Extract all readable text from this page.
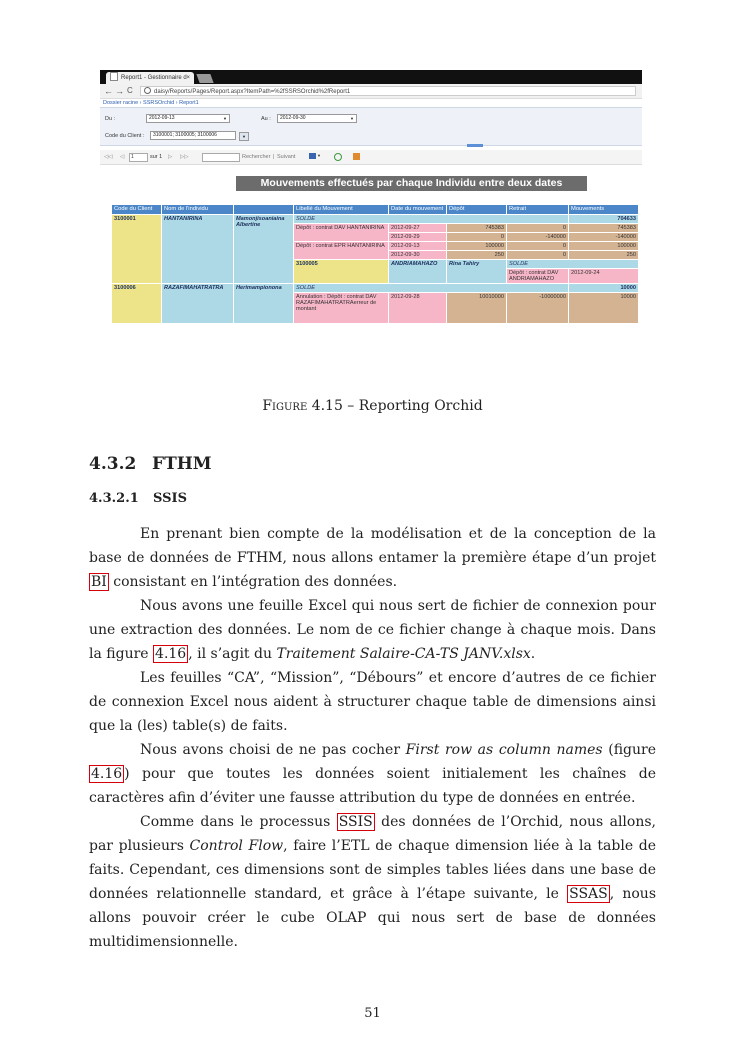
Report1 - Gestionnaire d ×
← → C	daisy/Reports/Pages/Report.aspx?ItemPath=%2fSSRSOrchid%2fReport1
Dossier racine › SSRSOrchid › Report1
Du :	2012-09-13	▼	Au :	2012-09-30	▼
Code du Client :	3100001; 3100005; 3100006	▼
◁◁ ◁	1	sur 1 ▷ ▷▷	Rechercher | Suivant	▼
Mouvements effectués par chaque Individu entre deux dates
Code du Client	Nom de l'individu		Libellé du Mouvement	Date du mouvement	Dépôt	Retrait	Mouvements	
3100001	HANTANIRINA	Mamonjisoaniaina Albertine	SOLDE				704633	
			Dépôt : contrat DAV HANTANIRINA	2012-09-27	745383	0	745383	
				2012-09-29	0	-140000	-140000	
			Dépôt : contrat EPR HANTANIRINA	2012-09-13	100000	0	100000	
				2012-09-30	250	0	250	
			3100005	ANDRIAMAHAZO	Rina Tahiry	SOLDE	
						Dépôt : contrat DAV ANDRIAMAHAZO	2012-09-24			
3100006	RAZAFIMAHATRATRA	Herimampionona	SOLDE				10000	
			Annulation : Dépôt : contrat DAV RAZAFIMAHATRATRAerreur de montant	2012-09-28	10010000	-10000000	10000	
Figure 4.15 – Reporting Orchid
4.3.2 FTHM
4.3.2.1 SSIS

En prenant bien compte de la modélisation et de la conception de la base de données de FTHM, nous allons entamer la première étape d’un projet BI consistant en l’intégration des données.

Nous avons une feuille Excel qui nous sert de fichier de connexion pour une extraction des données. Le nom de ce fichier change à chaque mois. Dans la figure 4.16 , il s’agit du Traitement Salaire-CA-TS JANV.xlsx.

Les feuilles “CA”, “Mission”, “Débours” et encore d’autres de ce fichier de connexion Excel nous aident à structurer chaque table de dimensions ainsi que la (les) table(s) de faits.

Nous avons choisi de ne pas cocher First row as column names (figure 4.16 ) pour que toutes les données soient initialement les chaînes de caractères afin d’éviter une fausse attribution du type de données en entrée.

Comme dans le processus SSIS des données de l’Orchid, nous allons, par plusieurs Control Flow, faire l’ETL de chaque dimension liée à la table de faits. Cependant, ces dimensions sont de simples tables liées dans une base de données relationnelle standard, et grâce à l’étape suivante, le SSAS , nous allons pouvoir créer le cube OLAP qui nous sert de base de données multidimensionnelle.

51
